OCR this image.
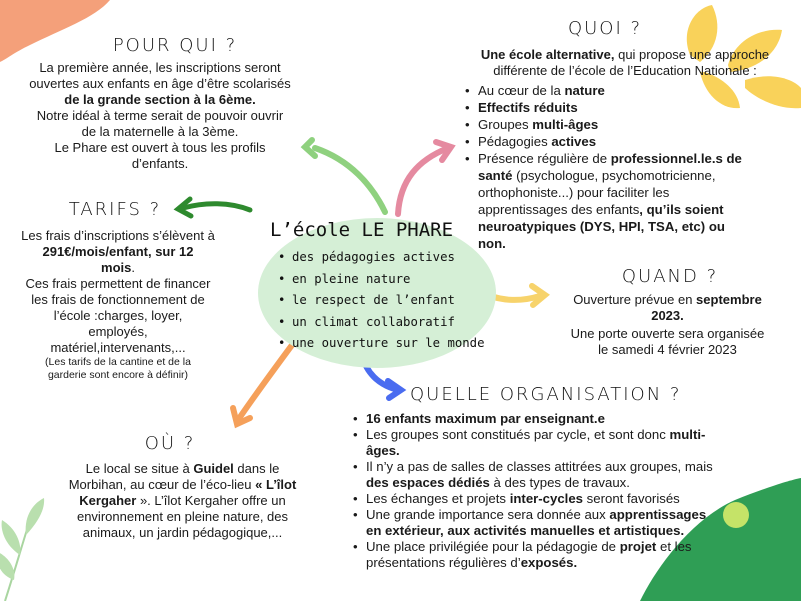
L’école LE PHARE
• des pédagogies actives
• en pleine nature
• le respect de l’enfant
• un climat collaboratif
• une ouverture sur le monde
POUR QUI ?
La première année, les inscriptions seront
ouvertes aux enfants en âge d’être scolarisés
de la grande section à la 6ème.
Notre idéal à terme serait de pouvoir ouvrir
de la maternelle à la 3ème.
Le Phare est ouvert à tous les profils
d’enfants.
TARIFS ?
Les frais d’inscriptions s’élèvent à
291€/mois/enfant, sur 12
mois.
Ces frais permettent de financer
les frais de fonctionnement de
l’école :charges, loyer,
employés,
matériel,intervenants,...
(Les tarifs de la cantine et de la
garderie sont encore à définir)
OÙ ?
Le local se situe à Guidel dans le
Morbihan, au cœur de l’éco-lieu « L’îlot
Kergaher ». L’îlot Kergaher offre un
environnement en pleine nature, des
animaux, un jardin pédagogique,...
QUOI ?
Une école alternative, qui propose une approche
différente de l’école de l’Education Nationale :
• Au cœur de la nature
• Effectifs réduits
• Groupes multi-âges
• Pédagogies actives
• Présence régulière de professionnel.le.s de
santé (psychologue, psychomotricienne,
orthophoniste...) pour faciliter les
apprentissages des enfants, qu’ils soient
neuroatypiques (DYS, HPI, TSA, etc) ou
non.
QUAND ?
Ouverture prévue en septembre
2023.
Une porte ouverte sera organisée
le samedi 4 février 2023
QUELLE ORGANISATION ?
• 16 enfants maximum par enseignant.e
• Les groupes sont constitués par cycle, et sont donc multi-
âges.
• Il n’y a pas de salles de classes attitrées aux groupes, mais
des espaces dédiés à des types de travaux.
• Les échanges et projets inter-cycles seront favorisés
• Une grande importance sera donnée aux apprentissages
en extérieur, aux activités manuelles et artistiques.
• Une place privilégiée pour la pédagogie de projet et les
présentations régulières d’exposés.
